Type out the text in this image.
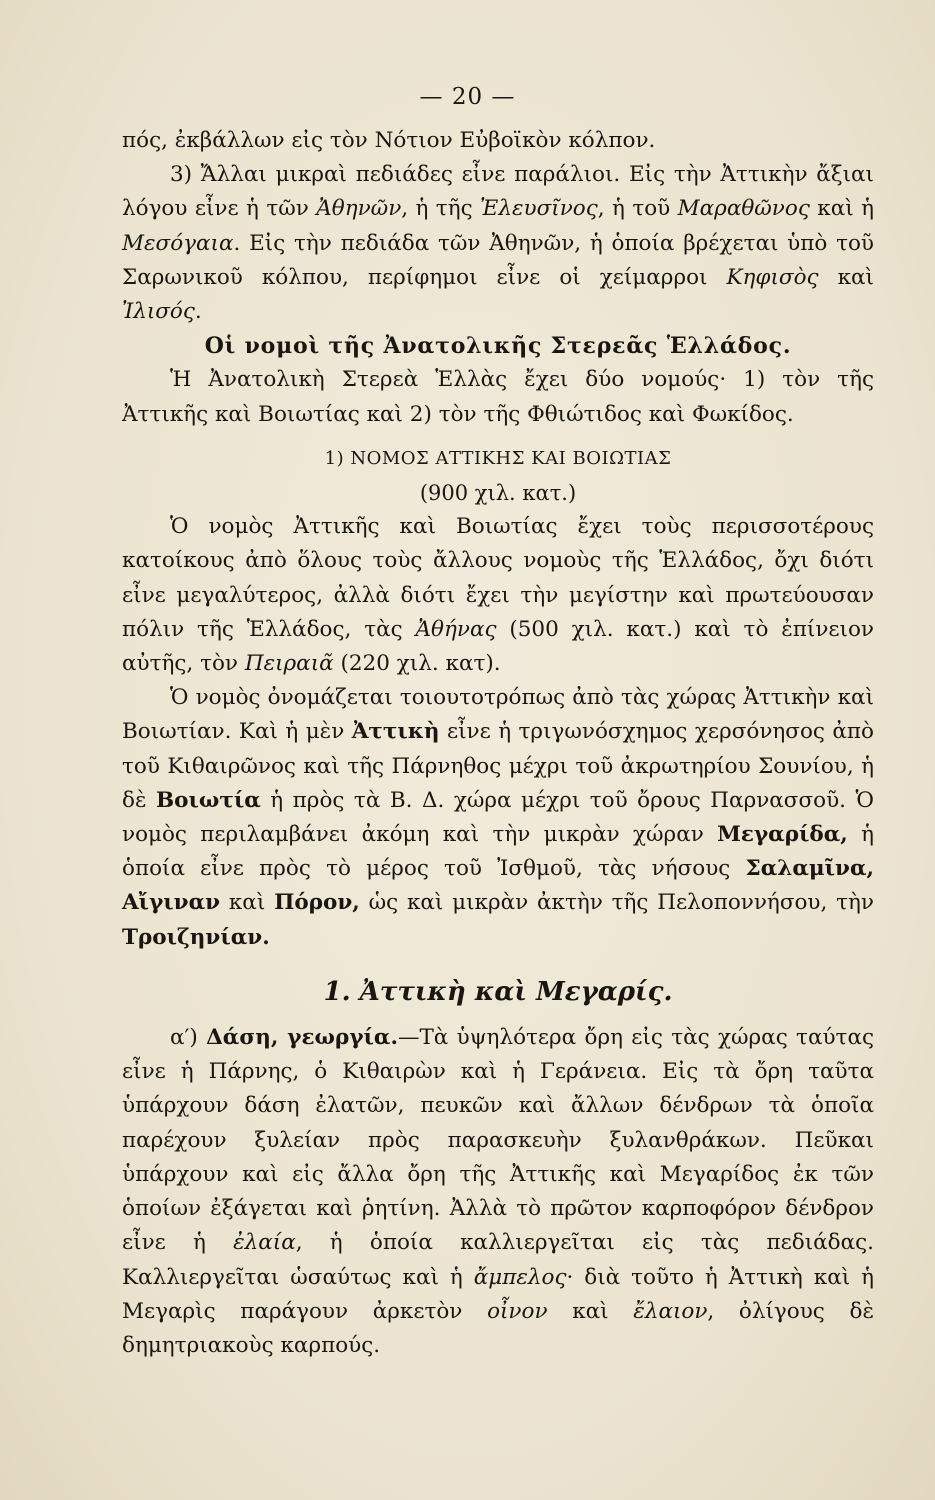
— 20 —

πός, ἐκβάλλων εἰς τὸν Νότιον Εὐβοϊκὸν κόλπον.

3) Ἄλλαι μικραὶ πεδιάδες εἶνε παράλιοι. Εἰς τὴν Ἀττικὴν ἄξιαι λόγου εἶνε ἡ τῶν Ἀθηνῶν, ἡ τῆς Ἐλευσῖνος, ἡ τοῦ Μαραθῶνος καὶ ἡ Μεσόγαια. Εἰς τὴν πεδιάδα τῶν Ἀθηνῶν, ἡ ὁποία βρέχεται ὑπὸ τοῦ Σαρωνικοῦ κόλπου, περίφημοι εἶνε οἱ χείμαρροι Κηφισὸς καὶ Ἰλισός.

Οἱ νομοὶ τῆς Ἀνατολικῆς Στερεᾶς Ἑλλάδος.

Ἡ Ἀνατολικὴ Στερεὰ Ἑλλὰς ἔχει δύο νομούς· 1) τὸν τῆς Ἀττικῆς καὶ Βοιωτίας καὶ 2) τὸν τῆς Φθιώτιδος καὶ Φωκίδος.

1) ΝΟΜΟΣ ΑΤΤΙΚΗΣ ΚΑΙ ΒΟΙΩΤΙΑΣ

(900 χιλ. κατ.)

Ὁ νομὸς Ἀττικῆς καὶ Βοιωτίας ἔχει τοὺς περισσοτέρους κατοίκους ἀπὸ ὅλους τοὺς ἄλλους νομοὺς τῆς Ἑλλάδος, ὄχι διότι εἶνε μεγαλύτερος, ἀλλὰ διότι ἔχει τὴν μεγίστην καὶ πρωτεύουσαν πόλιν τῆς Ἑλλάδος, τὰς Ἀθήνας (500 χιλ. κατ.) καὶ τὸ ἐπίνειον αὐτῆς, τὸν Πειραιᾶ (220 χιλ. κατ).

Ὁ νομὸς ὀνομάζεται τοιουτοτρόπως ἀπὸ τὰς χώρας Ἀττικὴν καὶ Βοιωτίαν. Καὶ ἡ μὲν Ἀττικὴ εἶνε ἡ τριγωνόσχημος χερσόνησος ἀπὸ τοῦ Κιθαιρῶνος καὶ τῆς Πάρνηθος μέχρι τοῦ ἀκρωτηρίου Σουνίου, ἡ δὲ Βοιωτία ἡ πρὸς τὰ Β. Δ. χώρα μέχρι τοῦ ὄρους Παρνασσοῦ. Ὁ νομὸς περιλαμβάνει ἀκόμη καὶ τὴν μικρὰν χώραν Μεγαρίδα, ἡ ὁποία εἶνε πρὸς τὸ μέρος τοῦ Ἰσθμοῦ, τὰς νήσους Σαλαμῖνα, Αἴγιναν καὶ Πόρον, ὡς καὶ μικρὰν ἀκτὴν τῆς Πελοποννήσου, τὴν Τροιζηνίαν.

1. Ἀττικὴ καὶ Μεγαρίς.

α′) Δάση, γεωργία.—Τὰ ὑψηλότερα ὄρη εἰς τὰς χώρας ταύτας εἶνε ἡ Πάρνης, ὁ Κιθαιρὼν καὶ ἡ Γεράνεια. Εἰς τὰ ὄρη ταῦτα ὑπάρχουν δάση ἐλατῶν, πευκῶν καὶ ἄλλων δένδρων τὰ ὁποῖα παρέχουν ξυλείαν πρὸς παρασκευὴν ξυλανθράκων. Πεῦκαι ὑπάρχουν καὶ εἰς ἄλλα ὄρη τῆς Ἀττικῆς καὶ Μεγαρίδος ἐκ τῶν ὁποίων ἐξάγεται καὶ ῥητίνη. Ἀλλὰ τὸ πρῶτον καρποφόρον δένδρον εἶνε ἡ ἐλαία, ἡ ὁποία καλλιεργεῖται εἰς τὰς πεδιάδας. Καλλιεργεῖται ὡσαύτως καὶ ἡ ἄμπελος· διὰ τοῦτο ἡ Ἀττικὴ καὶ ἡ Μεγαρὶς παράγουν ἀρκετὸν οἶνον καὶ ἔλαιον, ὀλίγους δὲ δημητριακοὺς καρπούς.
